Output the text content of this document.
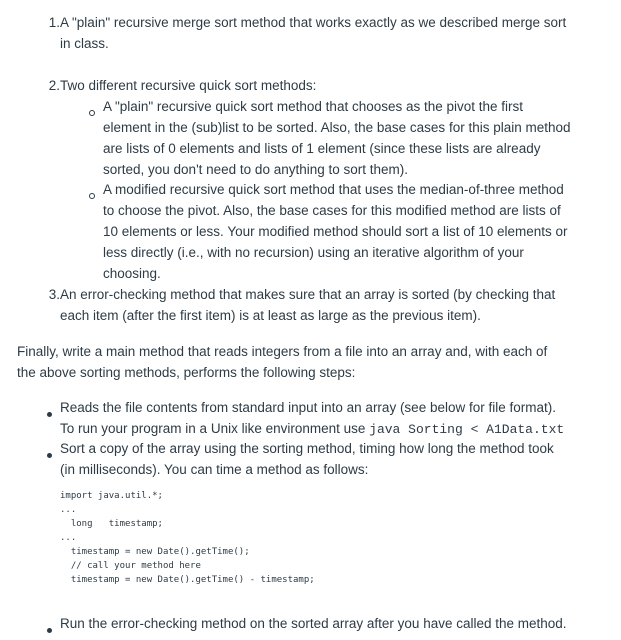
1. A "plain" recursive merge sort method that works exactly as we described merge sort
in class.
2. Two different recursive quick sort methods:
A "plain" recursive quick sort method that chooses as the pivot the first
element in the (sub)list to be sorted. Also, the base cases for this plain method
are lists of 0 elements and lists of 1 element (since these lists are already
sorted, you don't need to do anything to sort them).
A modified recursive quick sort method that uses the median-of-three method
to choose the pivot. Also, the base cases for this modified method are lists of
10 elements or less. Your modified method should sort a list of 10 elements or
less directly (i.e., with no recursion) using an iterative algorithm of your
choosing.
3. An error-checking method that makes sure that an array is sorted (by checking that
each item (after the first item) is at least as large as the previous item).
Finally, write a main method that reads integers from a file into an array and, with each of
the above sorting methods, performs the following steps:
Reads the file contents from standard input into an array (see below for file format).
To run your program in a Unix like environment use java Sorting < A1Data.txt
Sort a copy of the array using the sorting method, timing how long the method took
(in milliseconds). You can time a method as follows:
import java.util.*;
...
long   timestamp;
...
timestamp = new Date().getTime();
// call your method here
timestamp = new Date().getTime() - timestamp;
Run the error-checking method on the sorted array after you have called the method.
